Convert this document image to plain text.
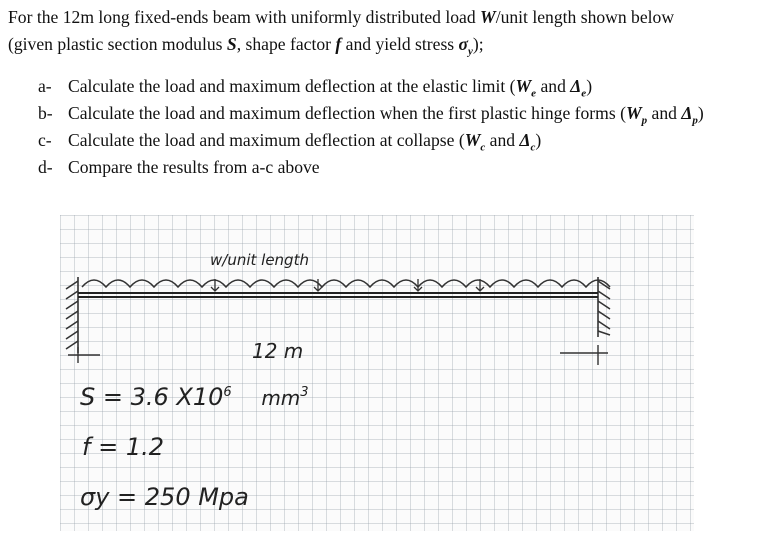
For the 12m long fixed-ends beam with uniformly distributed load W/unit length shown below
(given plastic section modulus S, shape factor f and yield stress $\sigma_y$);
a- Calculate the load and maximum deflection at the elastic limit ($W_e$ and $\Delta_e$)
b- Calculate the load and maximum deflection when the first plastic hinge forms ($W_p$ and $\Delta_p$)
c- Calculate the load and maximum deflection at collapse ($W_c$ and $\Delta_c$)
d- Compare the results from a-c above
w/unit length
12 m
S = 3.6 $X10^6$ $mm^3$
f = 1.2
σy = 250 Mpa
